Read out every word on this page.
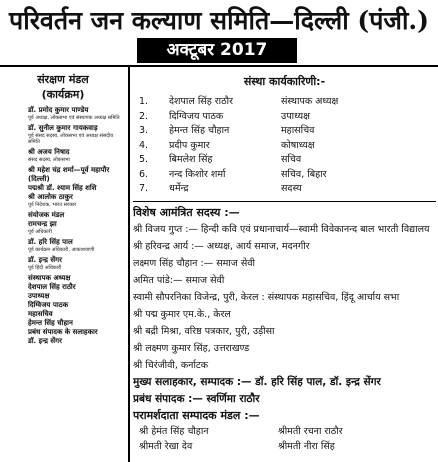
परिवर्तन जन कल्याण समिति—दिल्ली (पंजी.)
अक्टूबर 2017
संरक्षण मंडल
(कार्यक्रम)
डॉ. प्रमोद कुमार पाण्डेय
पूर्व अध्यक्ष, लोकसभा एवं संस्थापक अध्यक्ष समिति
डॉ. सुनील कुमार गायकवाड़
पूर्व संसद सदस्य, लोकसभा एवं अध्यक्ष संसदीय समिति
श्री अजय निषाद
संसद सदस्य, लोकसभा
श्री महेश चंद्र शर्मा—पूर्व महापौर (दिल्ली)
पद्मश्री डॉ. श्याम सिंह शशि
श्री आलोक ठाकुर
पूर्व निदेशक, भारत सरकार
संयोजक मंडल
रामचन्द्र झा
पूर्व अधिकारी
डॉ. हरि सिंह पाल
पूर्व कार्यक्रम अधिकारी, आकाशवाणी
डॉ. इन्द्र सेंगर
पूर्व हिंदी अधिकारी
संस्थापक अध्यक्ष
देशपाल सिंह राठौर
उपाध्यक्ष
दिग्विजय पाठक
महासचिव
हेमन्त सिंह चौहान
प्रबंध संपादक के सलाहकार
डॉ. इन्द्र सेंगर
संस्था कार्यकारिणी:-
1. देशपाल सिंह राठौर	संस्थापक अध्यक्ष
2. दिग्विजय पाठक	उपाध्यक्ष
3. हेमन्त सिंह चौहान	महासचिव
4. प्रदीप कुमार	कोषाध्यक्ष
5. बिमलेश सिंह	सचिव
6. नन्द किशोर शर्मा	सचिव, बिहार
7. धर्मेन्द्र	सदस्य
विशेष आमंत्रित सदस्य :—
श्री विजय गुप्त :— हिन्दी कवि एवं प्रधानाचार्य—स्वामी विवेकानन्द बाल भारती विद्यालय
श्री हरिवन्द्र आर्य :— अध्यक्ष, आर्य समाज, मदनगीर
लक्ष्मण सिंह चौहान :— समाज सेवी
अमित पांडे:— समाज सेवी
स्वामी सौपरनिका विजेन्द्र, पुरी, केरल : संस्थापक महासचिव, हिंदू आर्चाय सभा
श्री पद्म कुमार एम.के., केरल
श्री बद्री मिश्रा, वरिष्ठ पत्रकार, पुरी, उड़ीसा
श्री लक्ष्मण कुमार सिंह, उत्तराखण्ड
श्री चिरंजीवी, कर्नाटक
मुख्य सलाहकार, सम्पादक :— डॉ. हरि सिंह पाल, डॉ. इन्द्र सेंगर
प्रबंध संपादक :— स्वर्णिमा राठौर
परामर्शदाता सम्पादक मंडल :—
श्री हेमंत सिंह चौहान	श्रीमती रचना राठौर
श्रीमती रेखा देव	श्रीमती नीरा सिंह
